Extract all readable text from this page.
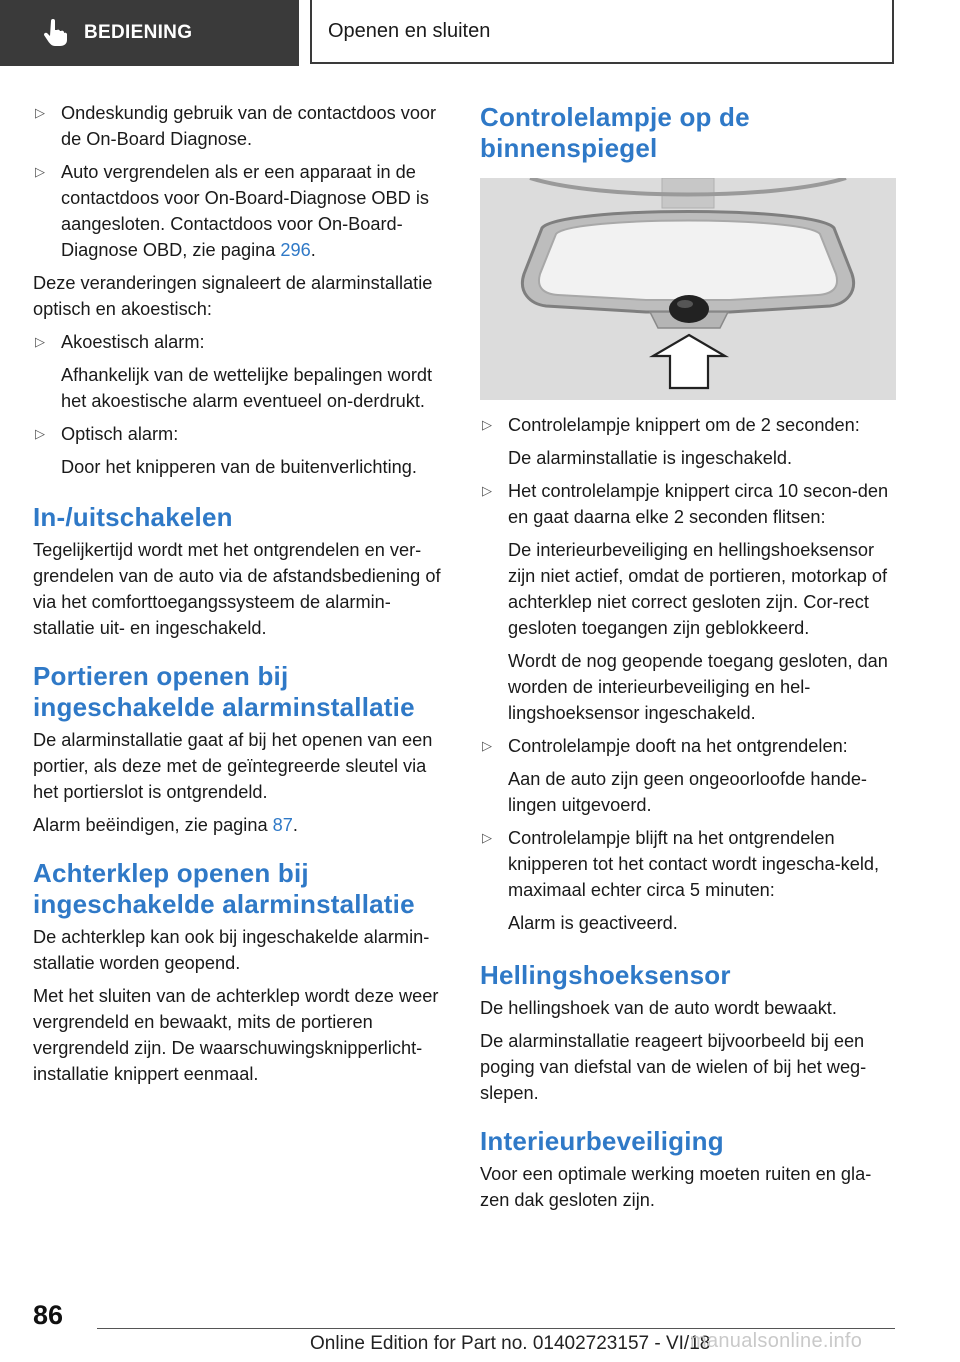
BEDIENING	Openen en sluiten
▷ Ondeskundig gebruik van de contactdoos voor de On-Board Diagnose.
▷ Auto vergrendelen als er een apparaat in de contactdoos voor On-Board-Diagnose OBD is aangesloten. Contactdoos voor On-Board-Diagnose OBD, zie pagina 296.

Deze veranderingen signaleert de alarminstallatie optisch en akoestisch:

▷ Akoestisch alarm:

Afhankelijk van de wettelijke bepalingen wordt het akoestische alarm eventueel on-derdrukt.

▷ Optisch alarm:

Door het knipperen van de buitenverlichting.

In-/uitschakelen

Tegelijkertijd wordt met het ontgrendelen en ver-grendelen van de auto via de afstandsbediening of via het comforttoegangssysteem de alarmin-stallatie uit- en ingeschakeld.

Portieren openen bij ingeschakelde alarminstallatie

De alarminstallatie gaat af bij het openen van een portier, als deze met de geïntegreerde sleutel via het portierslot is ontgrendeld.

Alarm beëindigen, zie pagina 87.

Achterklep openen bij ingeschakelde alarminstallatie

De achterklep kan ook bij ingeschakelde alarmin-stallatie worden geopend.

Met het sluiten van de achterklep wordt deze weer vergrendeld en bewaakt, mits de portieren vergrendeld zijn. De waarschuwingsknipperlicht-installatie knippert eenmaal.

Controlelampje op de binnenspiegel
▷ Controlelampje knippert om de 2 seconden:

De alarminstallatie is ingeschakeld.

▷ Het controlelampje knippert circa 10 secon-den en gaat daarna elke 2 seconden flitsen:

De interieurbeveiliging en hellingshoeksensor zijn niet actief, omdat de portieren, motorkap of achterklep niet correct gesloten zijn. Cor-rect gesloten toegangen zijn geblokkeerd.

Wordt de nog geopende toegang gesloten, dan worden de interieurbeveiliging en hel-lingshoeksensor ingeschakeld.

▷ Controlelampje dooft na het ontgrendelen:

Aan de auto zijn geen ongeoorloofde hande-lingen uitgevoerd.

▷ Controlelampje blijft na het ontgrendelen knipperen tot het contact wordt ingescha-keld, maximaal echter circa 5 minuten:

Alarm is geactiveerd.

Hellingshoeksensor

De hellingshoek van de auto wordt bewaakt.

De alarminstallatie reageert bijvoorbeeld bij een poging van diefstal van de wielen of bij het weg-slepen.

Interieurbeveiliging

Voor een optimale werking moeten ruiten en gla-zen dak gesloten zijn.

86
Online Edition for Part no. 01402723157 - VI/18
manualsonline.info
